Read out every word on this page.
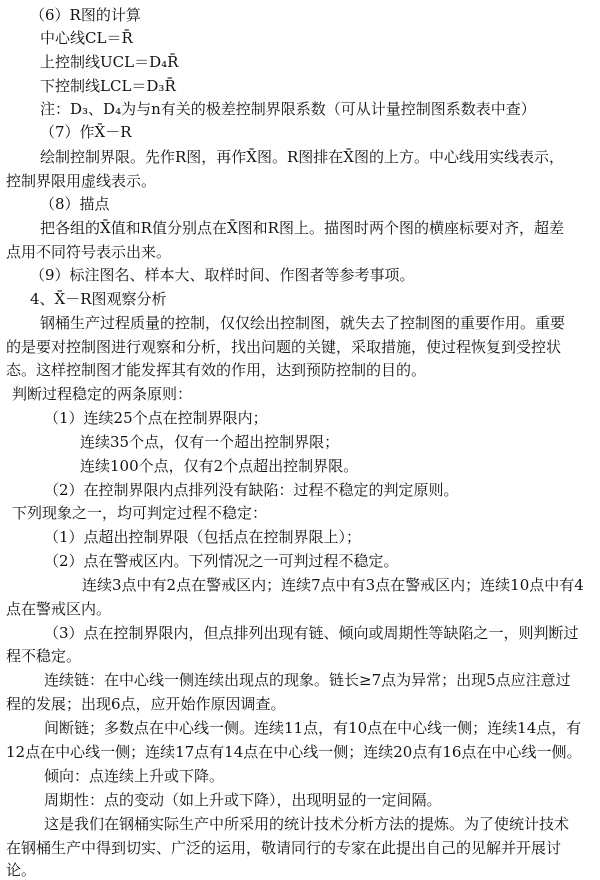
（6）R图的计算
中心线CL＝R̄
上控制线UCL＝D₄R̄
下控制线LCL＝D₃R̄
注：D₃、D₄为与n有关的极差控制界限系数（可从计量控制图系数表中查）
（7）作X̄－R
绘制控制界限。先作R图，再作X̄图。R图排在X̄图的上方。中心线用实线表示，
控制界限用虚线表示。
（8）描点
把各组的X̄值和R值分别点在X̄图和R图上。描图时两个图的横座标要对齐，超差
点用不同符号表示出来。
（9）标注图名、样本大、取样时间、作图者等参考事项。
4、X̄－R图观察分析
钢桶生产过程质量的控制，仅仅绘出控制图，就失去了控制图的重要作用。重要
的是要对控制图进行观察和分析，找出问题的关键，采取措施，使过程恢复到受控状
态。这样控制图才能发挥其有效的作用，达到预防控制的目的。
判断过程稳定的两条原则：
（1）连续25个点在控制界限内；
连续35个点，仅有一个超出控制界限；
连续100个点，仅有2个点超出控制界限。
（2）在控制界限内点排列没有缺陷：过程不稳定的判定原则。
下列现象之一，均可判定过程不稳定：
（1）点超出控制界限（包括点在控制界限上）；
（2）点在警戒区内。下列情况之一可判过程不稳定。
连续3点中有2点在警戒区内；连续7点中有3点在警戒区内；连续10点中有4
点在警戒区内。
（3）点在控制界限内，但点排列出现有链、倾向或周期性等缺陷之一，则判断过
程不稳定。
连续链：在中心线一侧连续出现点的现象。链长≥7点为异常；出现5点应注意过
程的发展；出现6点，应开始作原因调查。
间断链；多数点在中心线一侧。连续11点，有10点在中心线一侧；连续14点，有
12点在中心线一侧；连续17点有14点在中心线一侧；连续20点有16点在中心线一侧。
倾向：点连续上升或下降。
周期性：点的变动（如上升或下降），出现明显的一定间隔。
这是我们在钢桶实际生产中所采用的统计技术分析方法的提炼。为了使统计技术
在钢桶生产中得到切实、广泛的运用，敬请同行的专家在此提出自己的见解并开展讨
论。
